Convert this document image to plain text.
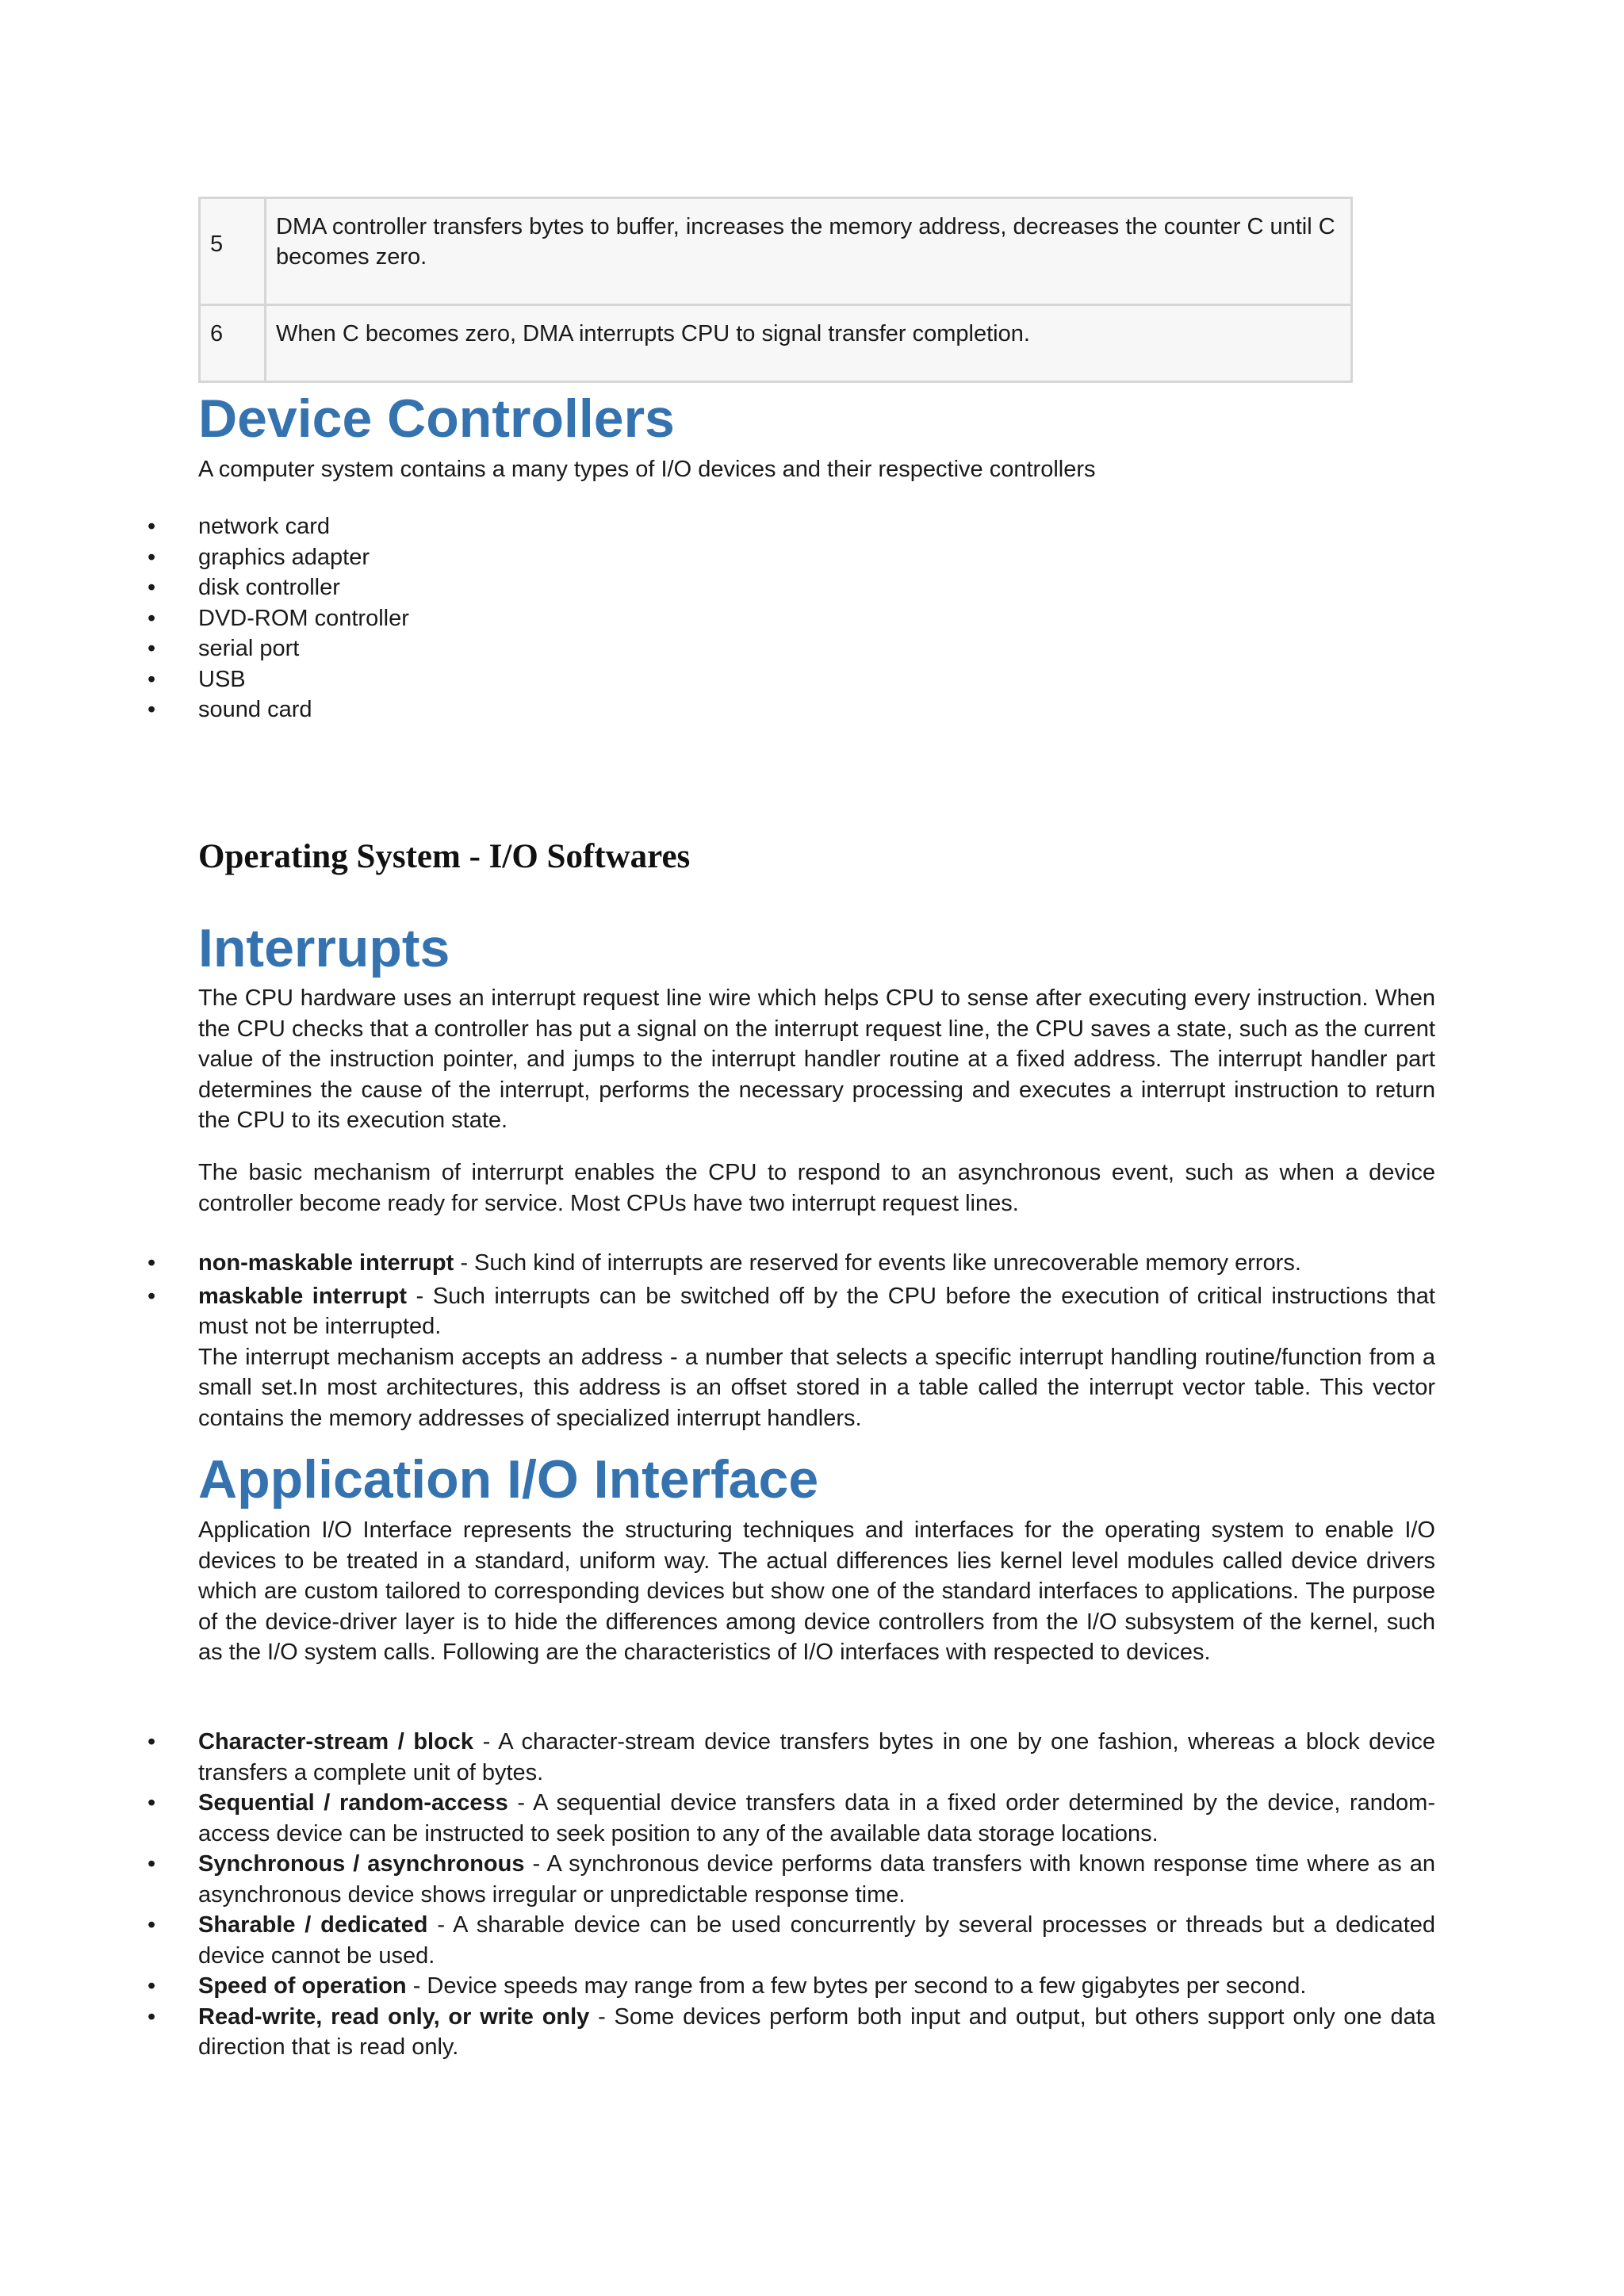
5	DMA controller transfers bytes to buffer, increases the memory address, decreases the counter C until C becomes zero.
6	When C becomes zero, DMA interrupts CPU to signal transfer completion.
Device Controllers

A computer system contains a many types of I/O devices and their respective controllers

• network card
• graphics adapter
• disk controller
• DVD-ROM controller
• serial port
• USB
• sound card
Operating System - I/O Softwares
Interrupts

The CPU hardware uses an interrupt request line wire which helps CPU to sense after executing every instruction. When the CPU checks that a controller has put a signal on the interrupt request line, the CPU saves a state, such as the current value of the instruction pointer, and jumps to the interrupt handler routine at a fixed address. The interrupt handler part determines the cause of the interrupt, performs the necessary processing and executes a interrupt instruction to return the CPU to its execution state.

The basic mechanism of interrurpt enables the CPU to respond to an asynchronous event, such as when a device controller become ready for service. Most CPUs have two interrupt request lines.

• non-maskable interrupt - Such kind of interrupts are reserved for events like unrecoverable memory errors.
• maskable interrupt - Such interrupts can be switched off by the CPU before the execution of critical instructions that must not be interrupted.
The interrupt mechanism accepts an address - a number that selects a specific interrupt handling routine/function from a small set.In most architectures, this address is an offset stored in a table called the interrupt vector table. This vector contains the memory addresses of specialized interrupt handlers.
Application I/O Interface

Application I/O Interface represents the structuring techniques and interfaces for the operating system to enable I/O devices to be treated in a standard, uniform way. The actual differences lies kernel level modules called device drivers which are custom tailored to corresponding devices but show one of the standard interfaces to applications. The purpose of the device-driver layer is to hide the differences among device controllers from the I/O subsystem of the kernel, such as the I/O system calls. Following are the characteristics of I/O interfaces with respected to devices.

• Character-stream / block - A character-stream device transfers bytes in one by one fashion, whereas a block device transfers a complete unit of bytes.
• Sequential / random-access - A sequential device transfers data in a fixed order determined by the device, random-access device can be instructed to seek position to any of the available data storage locations.
• Synchronous / asynchronous - A synchronous device performs data transfers with known response time where as an asynchronous device shows irregular or unpredictable response time.
• Sharable / dedicated - A sharable device can be used concurrently by several processes or threads but a dedicated device cannot be used.
• Speed of operation - Device speeds may range from a few bytes per second to a few gigabytes per second.
• Read-write, read only, or write only - Some devices perform both input and output, but others support only one data direction that is read only.
